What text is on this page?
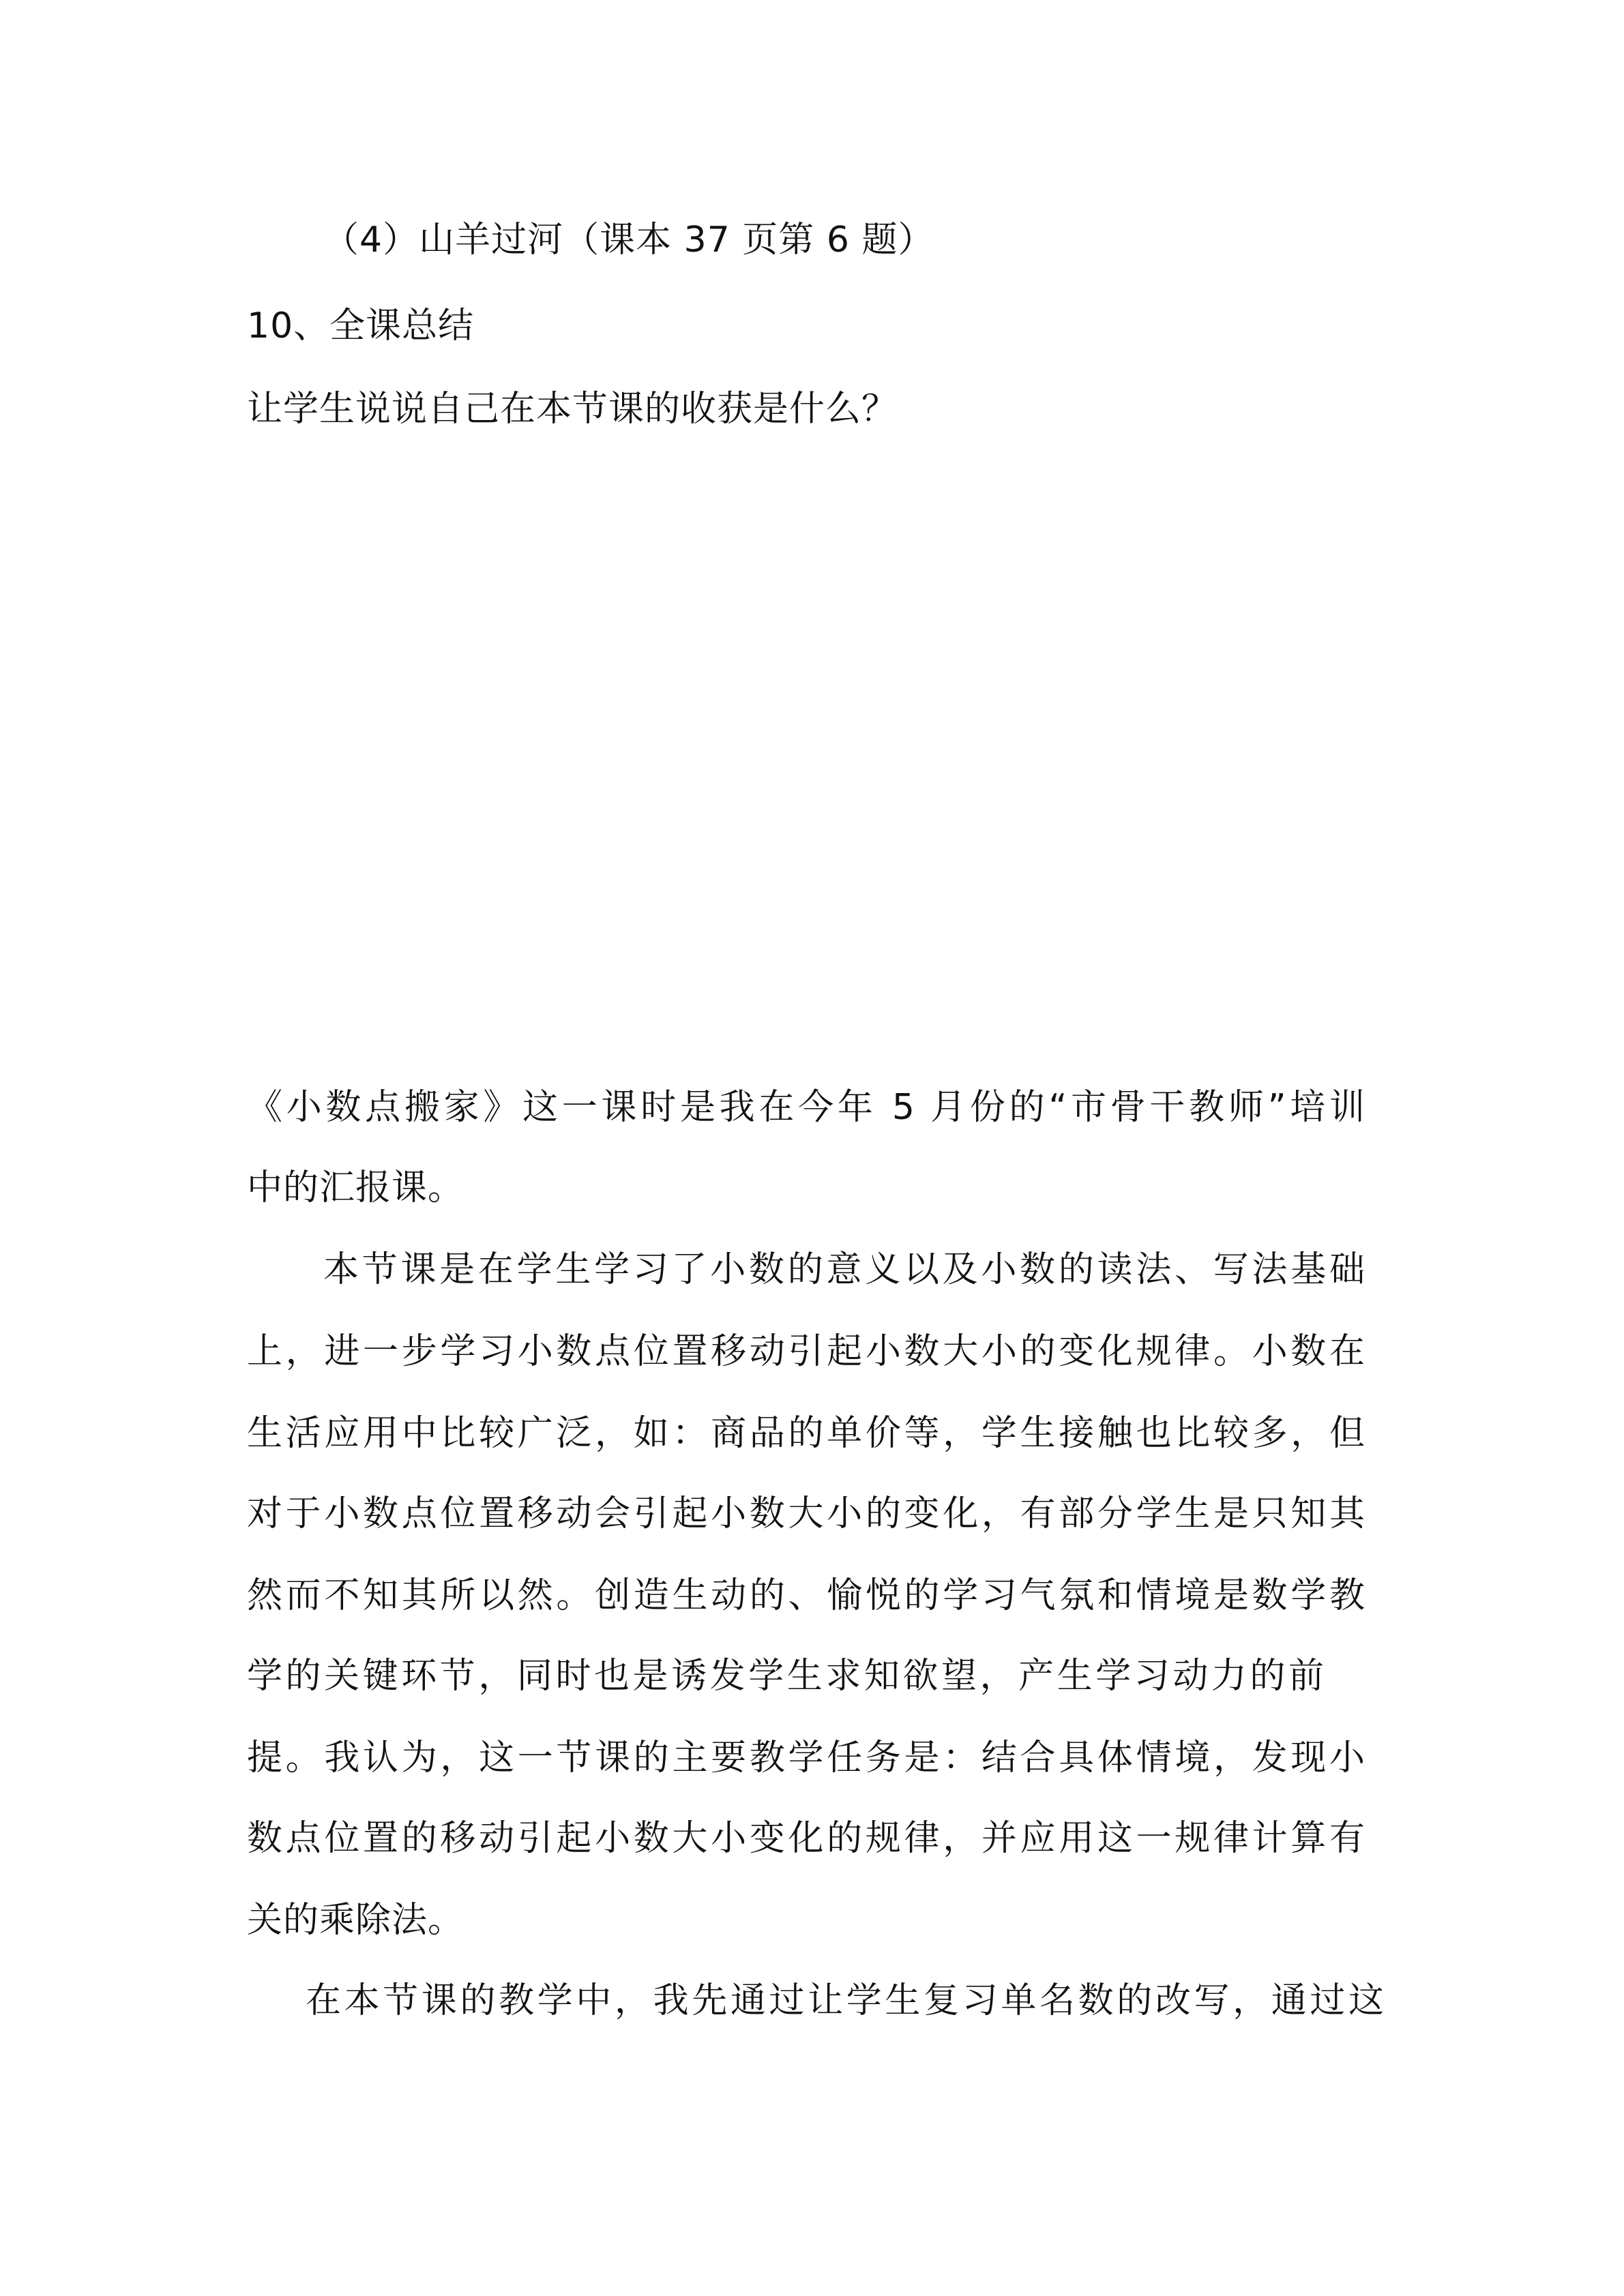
（4）山羊过河（课本 37 页第 6 题）
10、全课总结
让学生说说自己在本节课的收获是什么？
《小数点搬家》这一课时是我在今年 5 月份的“市骨干教师”培训
中的汇报课。
本节课是在学生学习了小数的意义以及小数的读法、写法基础
上，进一步学习小数点位置移动引起小数大小的变化规律。小数在
生活应用中比较广泛，如：商品的单价等，学生接触也比较多，但
对于小数点位置移动会引起小数大小的变化，有部分学生是只知其
然而不知其所以然。创造生动的、愉悦的学习气氛和情境是数学教
学的关键环节，同时也是诱发学生求知欲望，产生学习动力的前
提。我认为，这一节课的主要教学任务是：结合具体情境，发现小
数点位置的移动引起小数大小变化的规律，并应用这一规律计算有
关的乘除法。
在本节课的教学中，我先通过让学生复习单名数的改写，通过这
